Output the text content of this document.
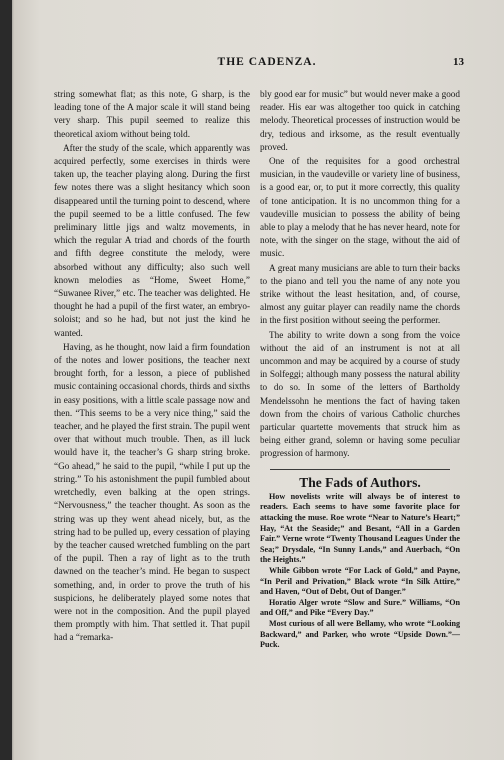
THE CADENZA.	13

string somewhat flat; as this note, G sharp, is the leading tone of the A major scale it will stand being very sharp. This pupil seemed to realize this theoretical axiom without being told.

After the study of the scale, which apparently was acquired perfectly, some exercises in thirds were taken up, the teacher playing along. During the first few notes there was a slight hesitancy which soon disappeared until the turning point to descend, where the pupil seemed to be a little confused. The few preliminary little jigs and waltz movements, in which the regular A triad and chords of the fourth and fifth degree constitute the melody, were absorbed without any difficulty; also such well known melodies as “Home, Sweet Home,” “Suwanee River,” etc. The teacher was delighted. He thought he had a pupil of the first water, an embryo-soloist; and so he had, but not just the kind he wanted.

Having, as he thought, now laid a firm foundation of the notes and lower positions, the teacher next brought forth, for a lesson, a piece of published music containing occasional chords, thirds and sixths in easy positions, with a little scale passage now and then. “This seems to be a very nice thing,” said the teacher, and he played the first strain. The pupil went over that without much trouble. Then, as ill luck would have it, the teacher’s G sharp string broke. “Go ahead,” he said to the pupil, “while I put up the string.” To his astonishment the pupil fumbled about wretchedly, even balking at the open strings. “Nervousness,” the teacher thought. As soon as the string was up they went ahead nicely, but, as the string had to be pulled up, every cessation of playing by the teacher caused wretched fumbling on the part of the pupil. Then a ray of light as to the truth dawned on the teacher’s mind. He began to suspect something, and, in order to prove the truth of his suspicions, he deliberately played some notes that were not in the composition. And the pupil played them promptly with him. That settled it. That pupil had a “remarka-

bly good ear for music” but would never make a good reader. His ear was altogether too quick in catching melody. Theoretical processes of instruction would be dry, tedious and irksome, as the result eventually proved.

One of the requisites for a good orchestral musician, in the vaudeville or variety line of business, is a good ear, or, to put it more correctly, this quality of tone anticipation. It is no uncommon thing for a vaudeville musician to possess the ability of being able to play a melody that he has never heard, note for note, with the singer on the stage, without the aid of music.

A great many musicians are able to turn their backs to the piano and tell you the name of any note you strike without the least hesitation, and, of course, almost any guitar player can readily name the chords in the first position without seeing the performer.

The ability to write down a song from the voice without the aid of an instrument is not at all uncommon and may be acquired by a course of study in Solfeggi; although many possess the natural ability to do so. In some of the letters of Bartholdy Mendelssohn he mentions the fact of having taken down from the choirs of various Catholic churches particular quartette movements that struck him as being either grand, solemn or having some peculiar progression of harmony.

The Fads of Authors.

How novelists write will always be of interest to readers. Each seems to have some favorite place for attacking the muse. Roe wrote “Near to Nature’s Heart;” Hay, “At the Seaside;” and Besant, “All in a Garden Fair.” Verne wrote “Twenty Thousand Leagues Under the Sea;” Drysdale, “In Sunny Lands,” and Auerbach, “On the Heights.”

While Gibbon wrote “For Lack of Gold,” and Payne, “In Peril and Privation,” Black wrote “In Silk Attire,” and Haven, “Out of Debt, Out of Danger.”

Horatio Alger wrote “Slow and Sure.” Williams, “On and Off,” and Pike “Every Day.”

Most curious of all were Bellamy, who wrote “Looking Backward,” and Parker, who wrote “Upside Down.”—Puck.
